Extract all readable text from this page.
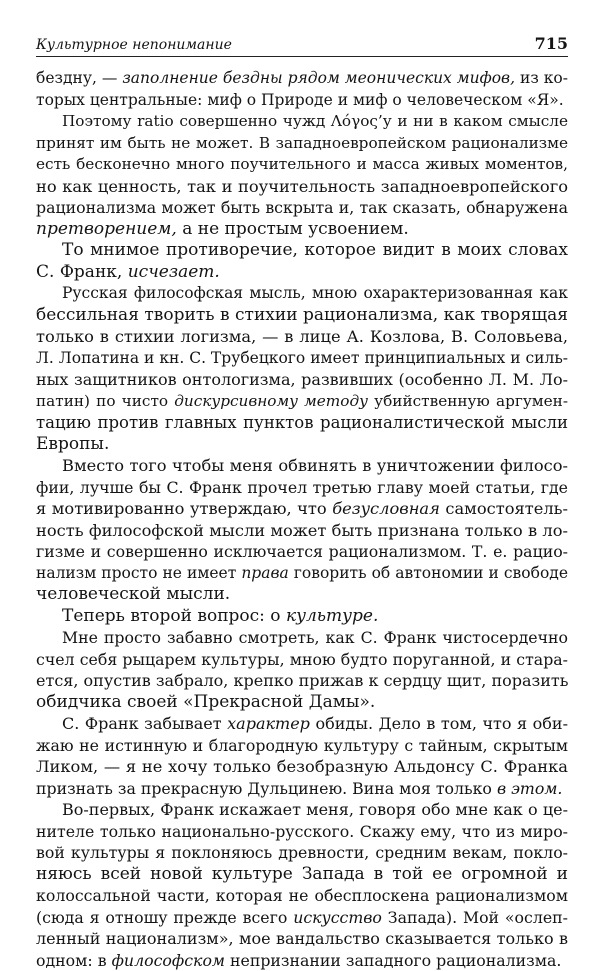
Культурное непонимание	715
бездну, — заполнение бездны рядом меонических мифов, из ко-
торых центральные: миф о Природе и миф о человеческом «Я».
Поэтому ratio совершенно чужд Λόγος’у и ни в каком смысле
принят им быть не может. В западноевропейском рационализме
есть бесконечно много поучительного и масса живых моментов,
но как ценность, так и поучительность западноевропейского
рационализма может быть вскрыта и, так сказать, обнаружена
претворением, а не простым усвоением.
То мнимое противоречие, которое видит в моих словах
С. Франк, исчезает.
Русская философская мысль, мною охарактеризованная как
бессильная творить в стихии рационализма, как творящая
только в стихии логизма, — в лице А. Козлова, В. Соловьева,
Л. Лопатина и кн. С. Трубецкого имеет принципиальных и силь-
ных защитников онтологизма, развивших (особенно Л. М. Ло-
патин) по чисто дискурсивному методу убийственную аргумен-
тацию против главных пунктов рационалистической мысли
Европы.
Вместо того чтобы меня обвинять в уничтожении филосо-
фии, лучше бы С. Франк прочел третью главу моей статьи, где
я мотивированно утверждаю, что безусловная самостоятель-
ность философской мысли может быть признана только в ло-
гизме и совершенно исключается рационализмом. Т. е. рацио-
нализм просто не имеет права говорить об автономии и свободе
человеческой мысли.
Теперь второй вопрос: о культуре.
Мне просто забавно смотреть, как С. Франк чистосердечно
счел себя рыцарем культуры, мною будто поруганной, и стара-
ется, опустив забрало, крепко прижав к сердцу щит, поразить
обидчика своей «Прекрасной Дамы».
С. Франк забывает характер обиды. Дело в том, что я оби-
жаю не истинную и благородную культуру с тайным, скрытым
Ликом, — я не хочу только безобразную Альдонсу С. Франка
признать за прекрасную Дульцинею. Вина моя только в этом.
Во-первых, Франк искажает меня, говоря обо мне как о це-
нителе только национально-русского. Скажу ему, что из миро-
вой культуры я поклоняюсь древности, средним векам, покло-
няюсь всей новой культуре Запада в той ее огромной и
колоссальной части, которая не обесплоскена рационализмом
(сюда я отношу прежде всего искусство Запада). Мой «ослеп-
ленный национализм», мое вандальство сказывается только в
одном: в философском непризнании западного рационализма.
